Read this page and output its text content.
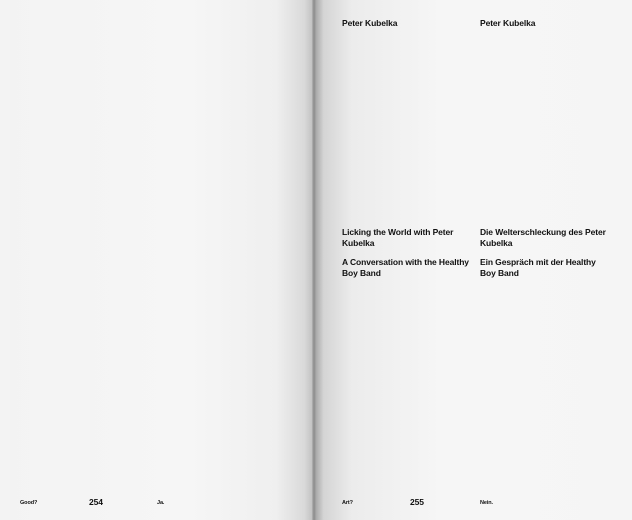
Good?	254	Ja.
Peter Kubelka	Peter Kubelka
Licking the World with Peter Kubelka
Die Welterschleckung des Peter Kubelka
A Conversation with the Healthy Boy Band
Ein Gespräch mit der Healthy Boy Band
Art?	255	Nein.
